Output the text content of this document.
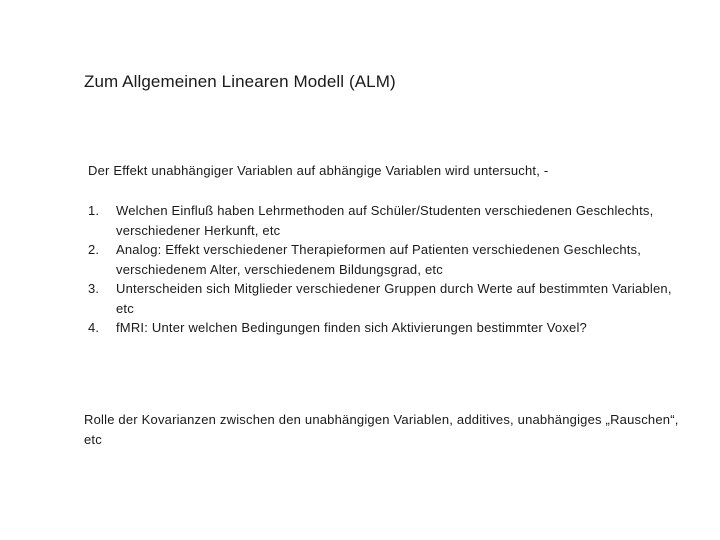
Zum Allgemeinen Linearen Modell (ALM)
Der Effekt unabhängiger Variablen auf abhängige Variablen wird untersucht, -
1.	Welchen Einfluß haben Lehrmethoden auf Schüler/Studenten verschiedenen Geschlechts, verschiedener Herkunft, etc
2.	Analog: Effekt verschiedener Therapieformen auf Patienten verschiedenen Geschlechts, verschiedenem Alter, verschiedenem Bildungsgrad, etc
3.	Unterscheiden sich Mitglieder verschiedener Gruppen durch Werte auf bestimmten Variablen, etc
4.	fMRI: Unter welchen Bedingungen finden sich Aktivierungen bestimmter Voxel?
Rolle der Kovarianzen zwischen den unabhängigen Variablen, additives, unabhängiges „Rauschen“, etc
